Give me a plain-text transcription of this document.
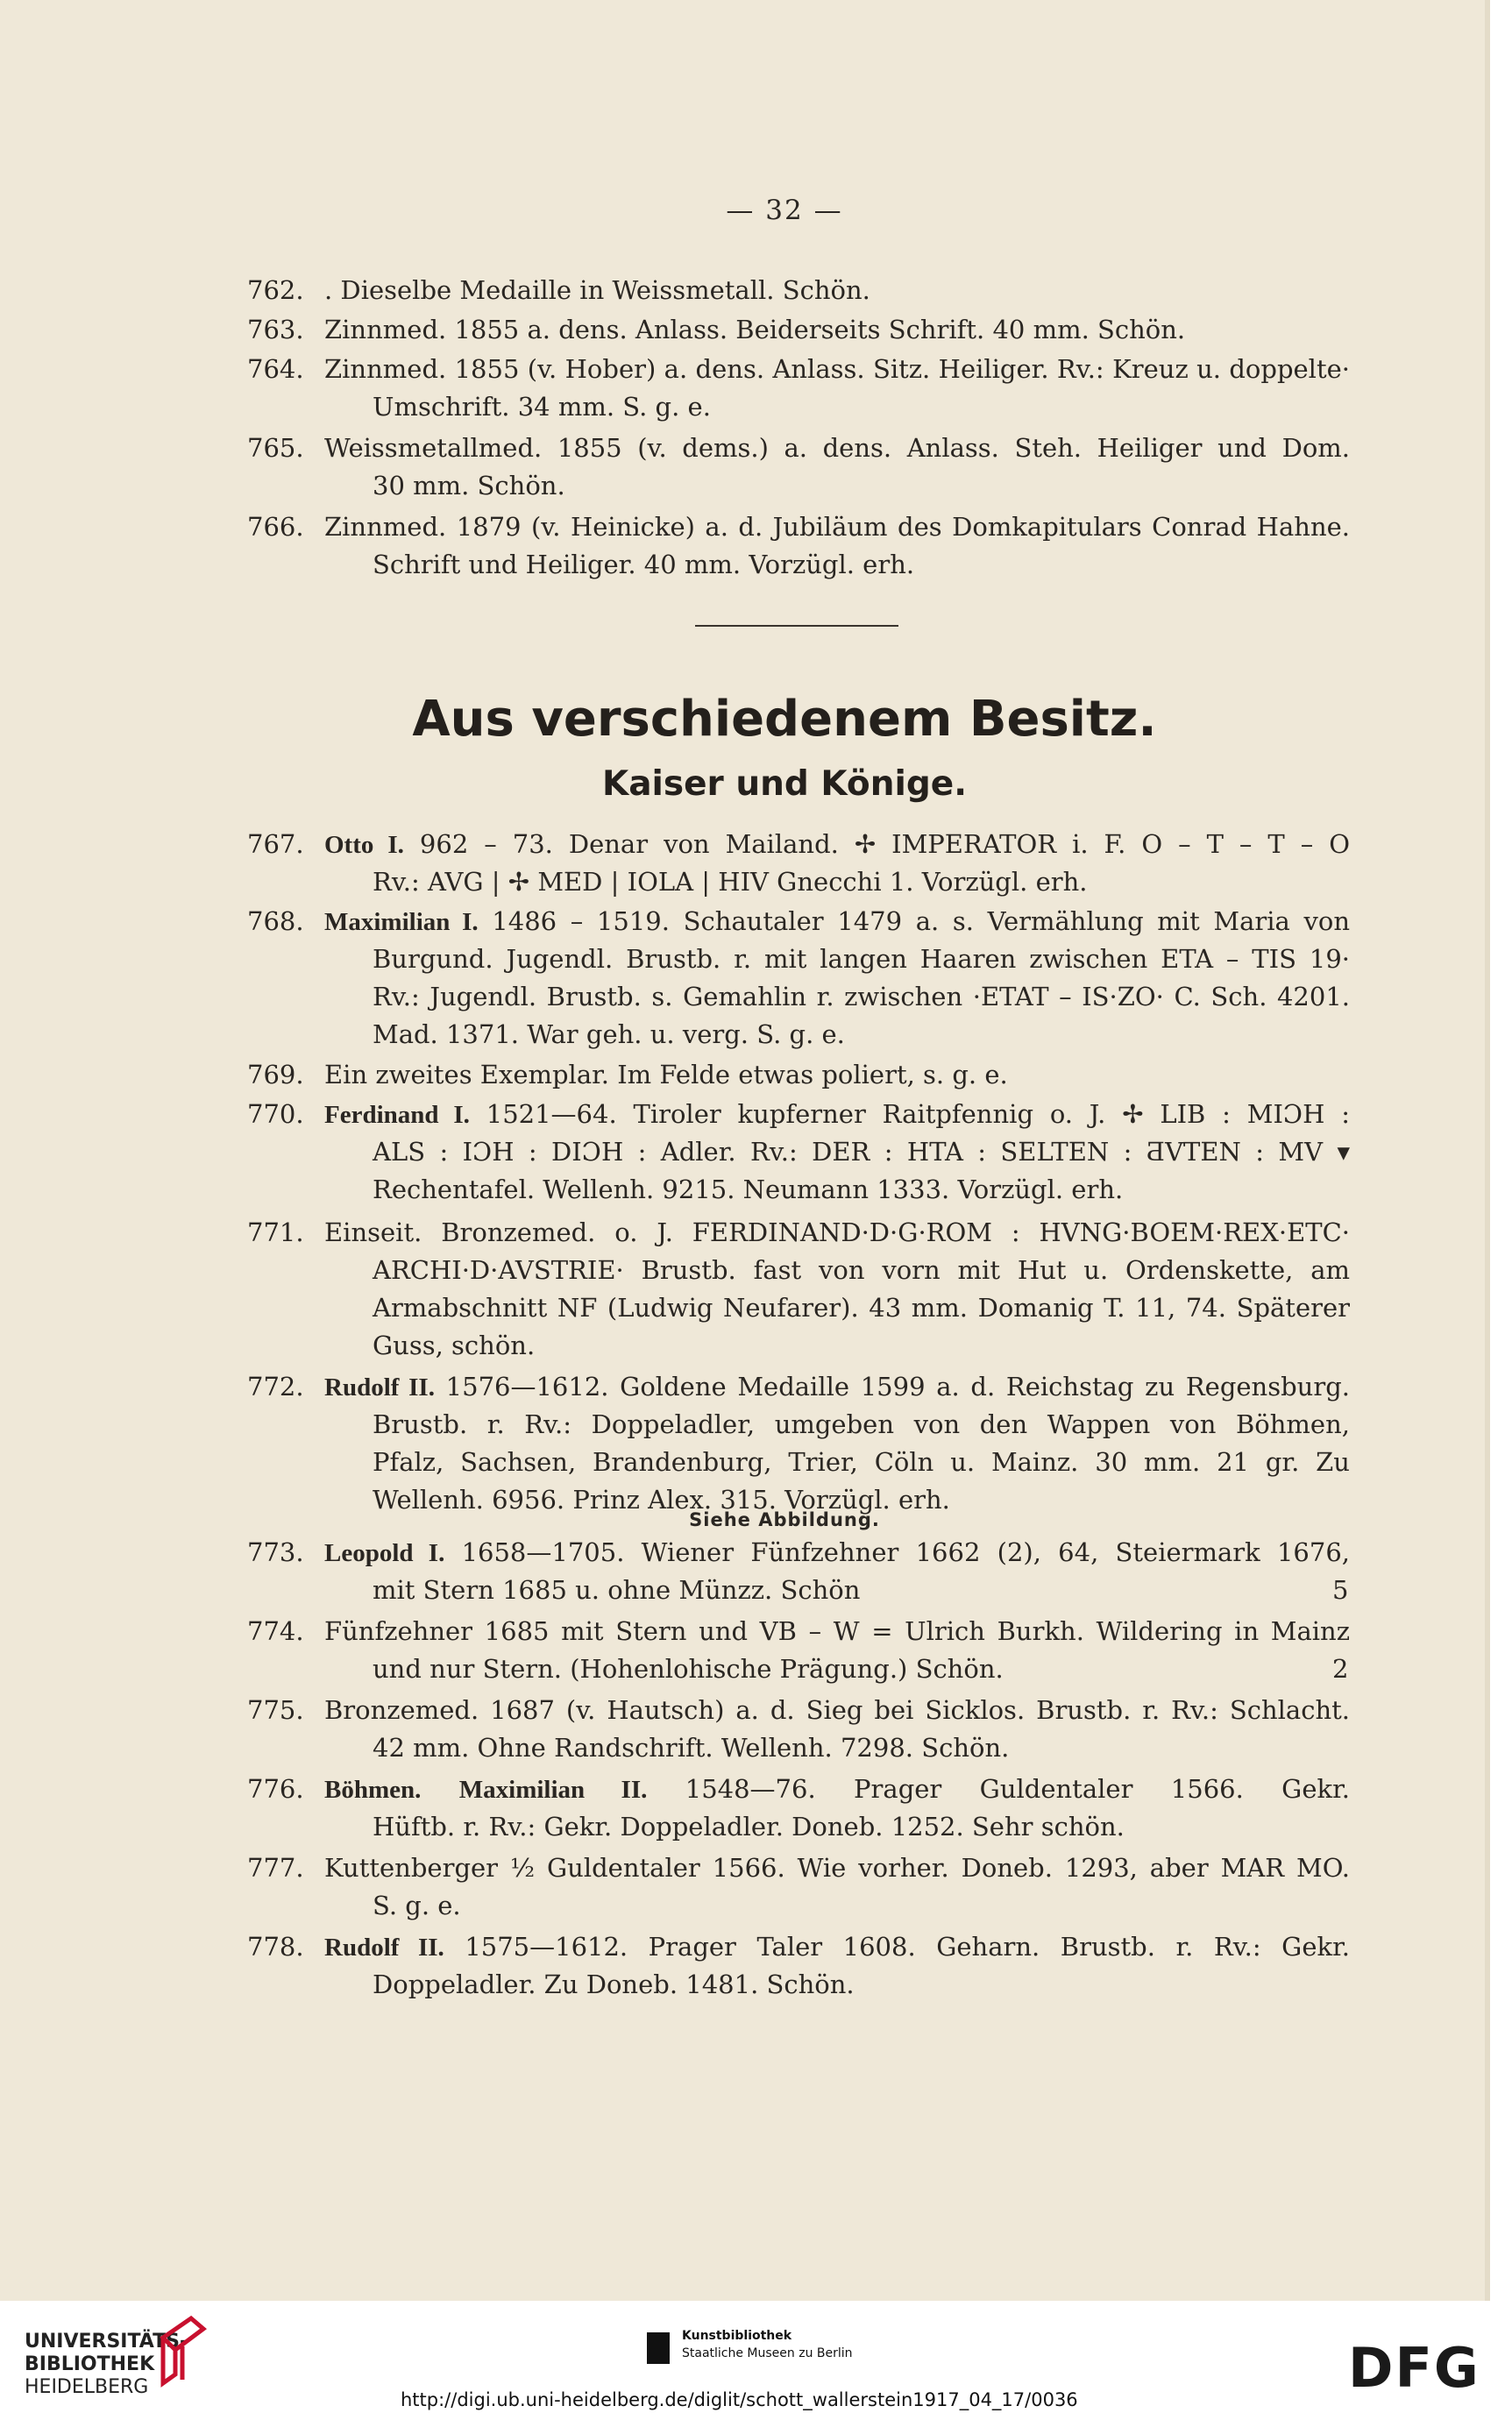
— 32 —
762. . Dieselbe Medaille in Weissmetall. Schön.
763. Zinnmed. 1855 a. dens. Anlass. Beiderseits Schrift. 40 mm. Schön.
764. Zinnmed. 1855 (v. Hober) a. dens. Anlass. Sitz. Heiliger. Rv.: Kreuz u. doppelte·
Umschrift. 34 mm. S. g. e.
765. Weissmetallmed. 1855 (v. dems.) a. dens. Anlass. Steh. Heiliger und Dom.
30 mm. Schön.
766. Zinnmed. 1879 (v. Heinicke) a. d. Jubiläum des Domkapitulars Conrad Hahne.
Schrift und Heiliger. 40 mm. Vorzügl. erh.
767. Otto I. 962 – 73. Denar von Mailand. ✢ IMPERATOR i. F. O – T – T – O
Rv.: AVG | ✢ MED | IOLA | HIV Gnecchi 1. Vorzügl. erh.
768. Maximilian I. 1486 – 1519. Schautaler 1479 a. s. Vermählung mit Maria von
Burgund. Jugendl. Brustb. r. mit langen Haaren zwischen ETA – TIS 19·
Rv.: Jugendl. Brustb. s. Gemahlin r. zwischen ·ETAT – IS·ZO· C. Sch. 4201.
Mad. 1371. War geh. u. verg. S. g. e.
769. Ein zweites Exemplar. Im Felde etwas poliert, s. g. e.
770. Ferdinand I. 1521—64. Tiroler kupferner Raitpfennig o. J. ✢ LIB : MIƆH :
ALS : IƆH : DIƆH : Adler. Rv.: DER : HTA : SELTEN : ƋVTEN : MV ▾
Rechentafel. Wellenh. 9215. Neumann 1333. Vorzügl. erh.
771. Einseit. Bronzemed. o. J. FERDINAND·D·G·ROM : HVNG·BOEM·REX·ETC·
ARCHI·D·AVSTRIE· Brustb. fast von vorn mit Hut u. Ordenskette, am
Armabschnitt NF (Ludwig Neufarer). 43 mm. Domanig T. 11, 74. Späterer
Guss, schön.
772. Rudolf II. 1576—1612. Goldene Medaille 1599 a. d. Reichstag zu Regensburg.
Brustb. r. Rv.: Doppeladler, umgeben von den Wappen von Böhmen,
Pfalz, Sachsen, Brandenburg, Trier, Cöln u. Mainz. 30 mm. 21 gr. Zu
Wellenh. 6956. Prinz Alex. 315. Vorzügl. erh.
773. Leopold I. 1658—1705. Wiener Fünfzehner 1662 (2), 64, Steiermark 1676,
mit Stern 1685 u. ohne Münzz. Schön	5
774. Fünfzehner 1685 mit Stern und VB – W = Ulrich Burkh. Wildering in Mainz
und nur Stern. (Hohenlohische Prägung.) Schön.	2
775. Bronzemed. 1687 (v. Hautsch) a. d. Sieg bei Sicklos. Brustb. r. Rv.: Schlacht.
42 mm. Ohne Randschrift. Wellenh. 7298. Schön.
776. Böhmen. Maximilian II. 1548—76. Prager Guldentaler 1566. Gekr.
Hüftb. r. Rv.: Gekr. Doppeladler. Doneb. 1252. Sehr schön.
777. Kuttenberger ½ Guldentaler 1566. Wie vorher. Doneb. 1293, aber MAR MO.
S. g. e.
778. Rudolf II. 1575—1612. Prager Taler 1608. Geharn. Brustb. r. Rv.: Gekr.
Doppeladler. Zu Doneb. 1481. Schön.
Aus verschiedenem Besitz.
Kaiser und Könige.
Siehe Abbildung.
UNIVERSITÄTS-
BIBLIOTHEK
HEIDELBERG
Kunstbibliothek
Staatliche Museen zu Berlin	DFG
http://digi.ub.uni-heidelberg.de/diglit/schott_wallerstein1917_04_17/0036
